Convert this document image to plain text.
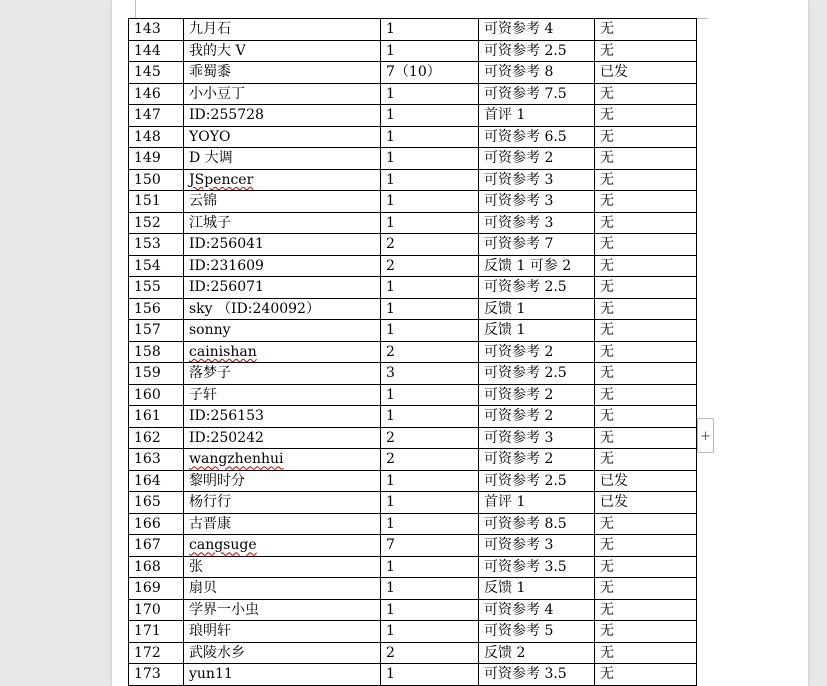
143	九月石	1	可资参考 4	无
144	我的大 V	1	可资参考 2.5	无
145	乖蜀黍	7（10）	可资参考 8	已发
146	小小豆丁	1	可资参考 7.5	无
147	ID:255728	1	首评 1	无
148	YOYO	1	可资参考 6.5	无
149	D 大调	1	可资参考 2	无
150	JSpencer	1	可资参考 3	无
151	云锦	1	可资参考 3	无
152	江城子	1	可资参考 3	无
153	ID:256041	2	可资参考 7	无
154	ID:231609	2	反馈 1 可参 2	无
155	ID:256071	1	可资参考 2.5	无
156	sky （ID:240092）	1	反馈 1	无
157	sonny	1	反馈 1	无
158	cainishan	2	可资参考 2	无
159	落梦子	3	可资参考 2.5	无
160	子轩	1	可资参考 2	无
161	ID:256153	1	可资参考 2	无
162	ID:250242	2	可资参考 3	无
163	wangzhenhui	2	可资参考 2	无
164	黎明时分	1	可资参考 2.5	已发
165	杨行行	1	首评 1	已发
166	古晋康	1	可资参考 8.5	无
167	cangsuge	7	可资参考 3	无
168	张	1	可资参考 3.5	无
169	扇贝	1	反馈 1	无
170	学界一小虫	1	可资参考 4	无
171	琅明轩	1	可资参考 5	无
172	武陵水乡	2	反馈 2	无
173	yun11	1	可资参考 3.5	无
+
